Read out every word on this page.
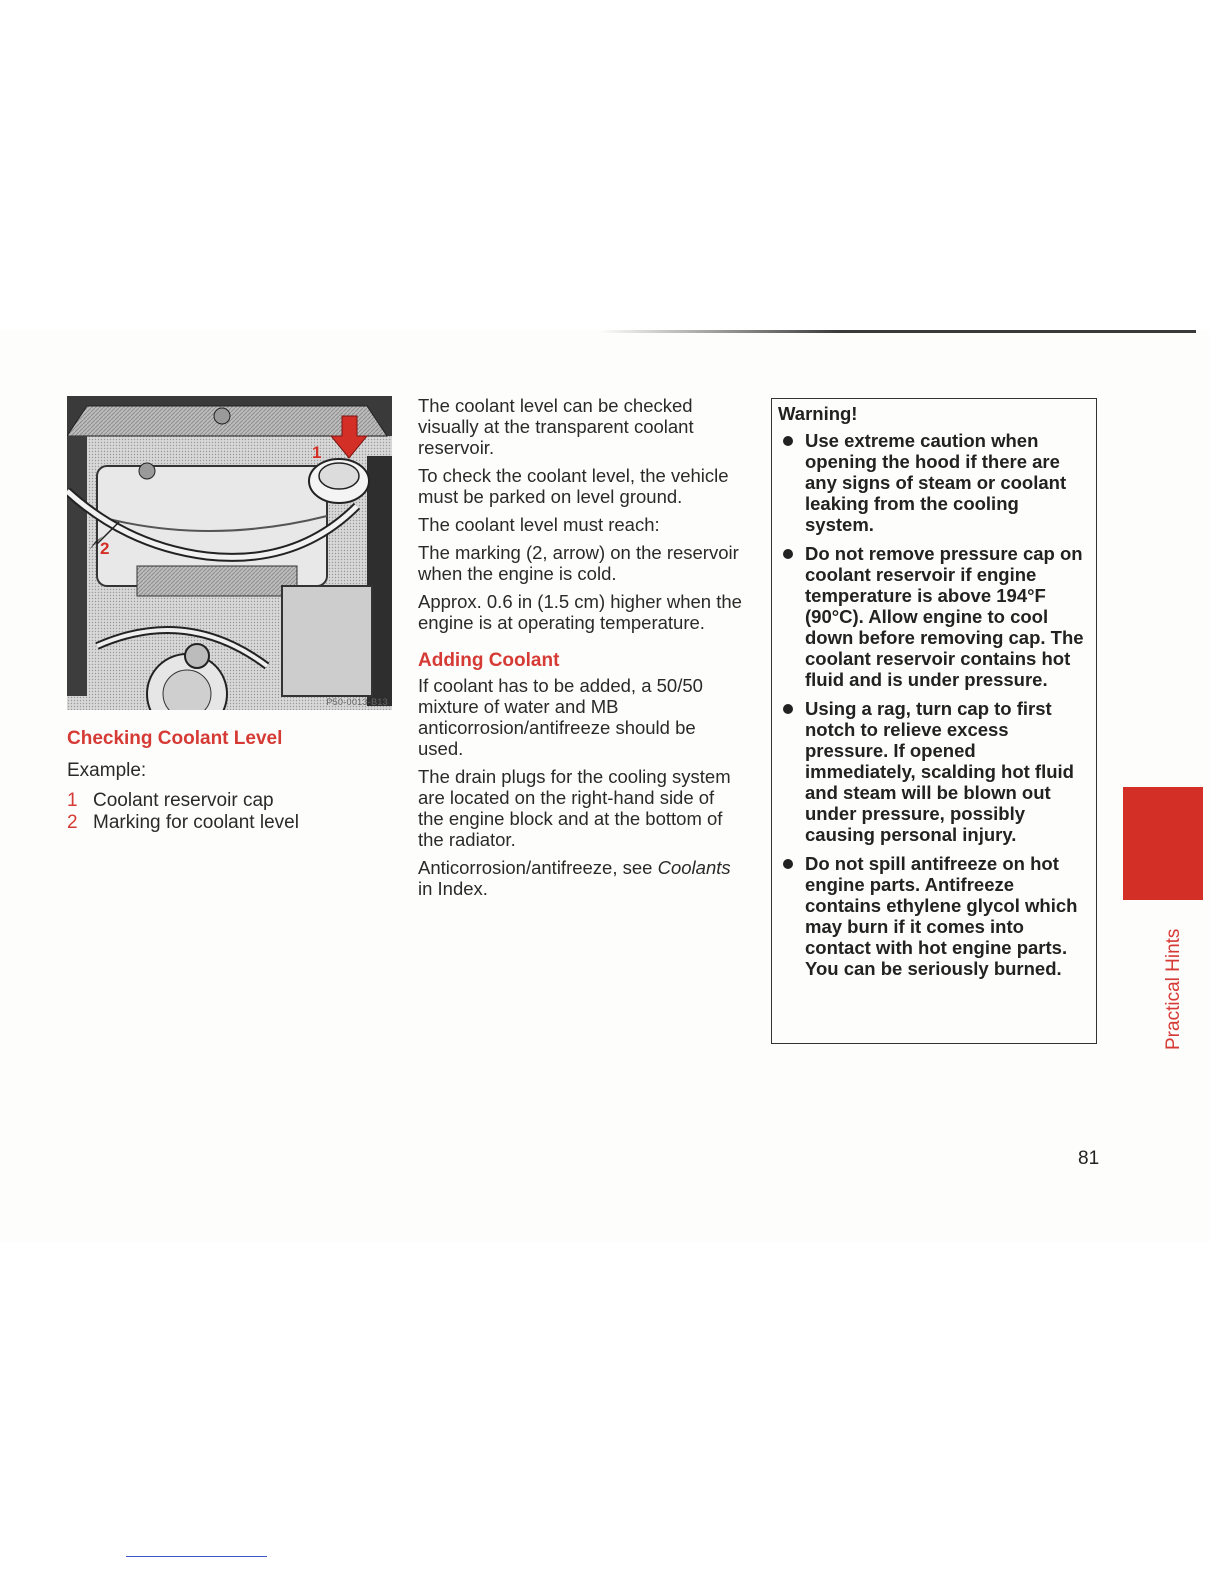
1
2
P50-0013-B13
Checking Coolant Level
Example:
1 Coolant reservoir cap
2 Marking for coolant level

The coolant level can be checked visually at the transparent coolant reservoir.

To check the coolant level, the vehicle must be parked on level ground.

The coolant level must reach:

The marking (2, arrow) on the reservoir when the engine is cold.

Approx. 0.6 in (1.5 cm) higher when the engine is at operating temperature.

Adding Coolant

If coolant has to be added, a 50/50 mixture of water and MB anticorrosion/antifreeze should be used.

The drain plugs for the cooling system are located on the right-hand side of the engine block and at the bottom of the radiator.

Anticorrosion/antifreeze, see Coolants in Index.

Warning!
Use extreme caution when opening the hood if there are any signs of steam or coolant leaking from the cooling system.
Do not remove pressure cap on coolant reservoir if engine temperature is above 194°F (90°C). Allow engine to cool down before removing cap. The coolant reservoir contains hot fluid and is under pressure.
Using a rag, turn cap to first notch to relieve excess pressure. If opened immediately, scalding hot fluid and steam will be blown out under pressure, possibly causing personal injury.
Do not spill antifreeze on hot engine parts. Antifreeze contains ethylene glycol which may burn if it comes into contact with hot engine parts. You can be seriously burned.	Practical Hints
81
